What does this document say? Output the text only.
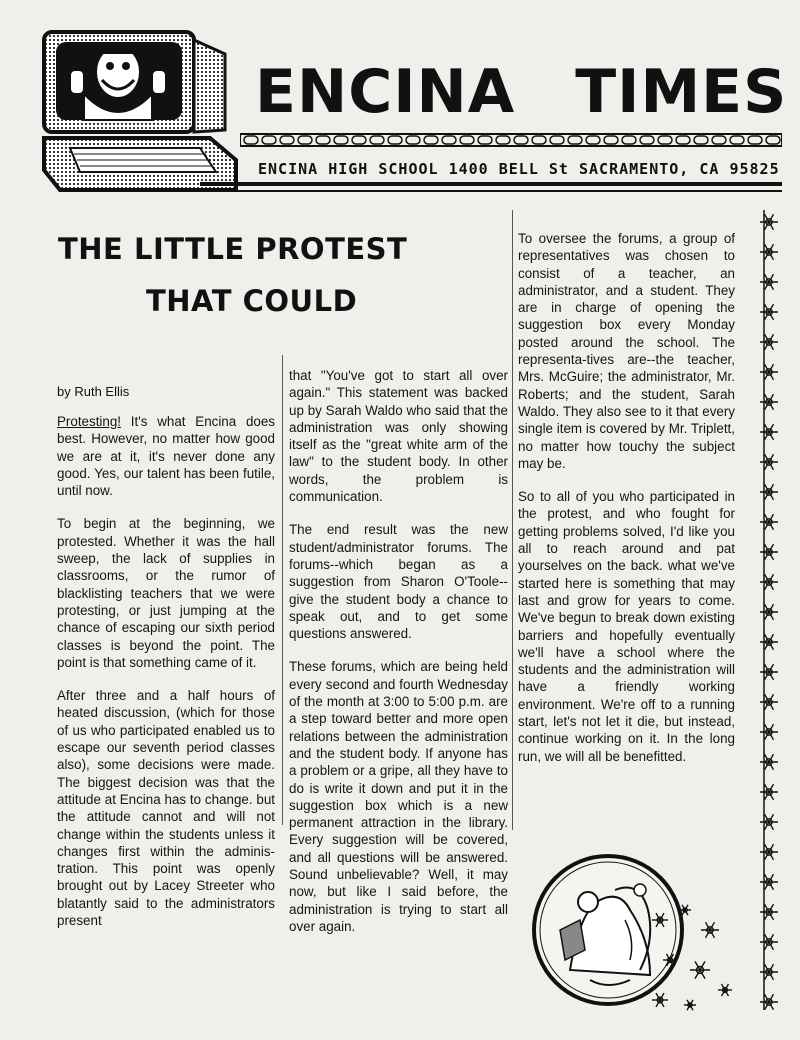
ENCINA TIMES
ENCINA HIGH SCHOOL 1400 BELL St SACRAMENTO, CA 95825
THE LITTLE PROTEST
THAT COULD
by Ruth Ellis

Protesting! It's what Encina does best. However, no matter how good we are at it, it's never done any good. Yes, our talent has been futile, until now.

To begin at the beginning, we protested. Whether it was the hall sweep, the lack of supplies in classrooms, or the rumor of blacklisting teachers that we were protesting, or just jumping at the chance of escaping our sixth period classes is beyond the point. The point is that something came of it.

After three and a half hours of heated discussion, (which for those of us who participated enabled us to escape our seventh period classes also), some decisions were made. The biggest decision was that the attitude at Encina has to change. but the attitude cannot and will not change within the students unless it changes first within the adminis-tration. This point was openly brought out by Lacey Streeter who blatantly said to the administrators present

that "You've got to start all over again." This statement was backed up by Sarah Waldo who said that the administration was only showing itself as the "great white arm of the law" to the student body. In other words, the problem is communication.

The end result was the new student/administrator forums. The forums--which began as a suggestion from Sharon O'Toole--give the student body a chance to speak out, and to get some questions answered.

These forums, which are being held every second and fourth Wednesday of the month at 3:00 to 5:00 p.m. are a step toward better and more open relations between the administration and the student body. If anyone has a problem or a gripe, all they have to do is write it down and put it in the suggestion box which is a new permanent attraction in the library. Every suggestion will be covered, and all questions will be answered. Sound unbelievable? Well, it may now, but like I said before, the administration is trying to start all over again.

To oversee the forums, a group of representatives was chosen to consist of a teacher, an administrator, and a student. They are in charge of opening the suggestion box every Monday posted around the school. The representa-tives are--the teacher, Mrs. McGuire; the administrator, Mr. Roberts; and the student, Sarah Waldo. They also see to it that every single item is covered by Mr. Triplett, no matter how touchy the subject may be.

So to all of you who participated in the protest, and who fought for getting problems solved, I'd like you all to reach around and pat yourselves on the back. what we've started here is something that may last and grow for years to come. We've begun to break down existing barriers and hopefully eventually we'll have a school where the students and the administration will have a friendly working environment. We're off to a running start, let's not let it die, but instead, continue working on it. In the long run, we will all be benefitted.
